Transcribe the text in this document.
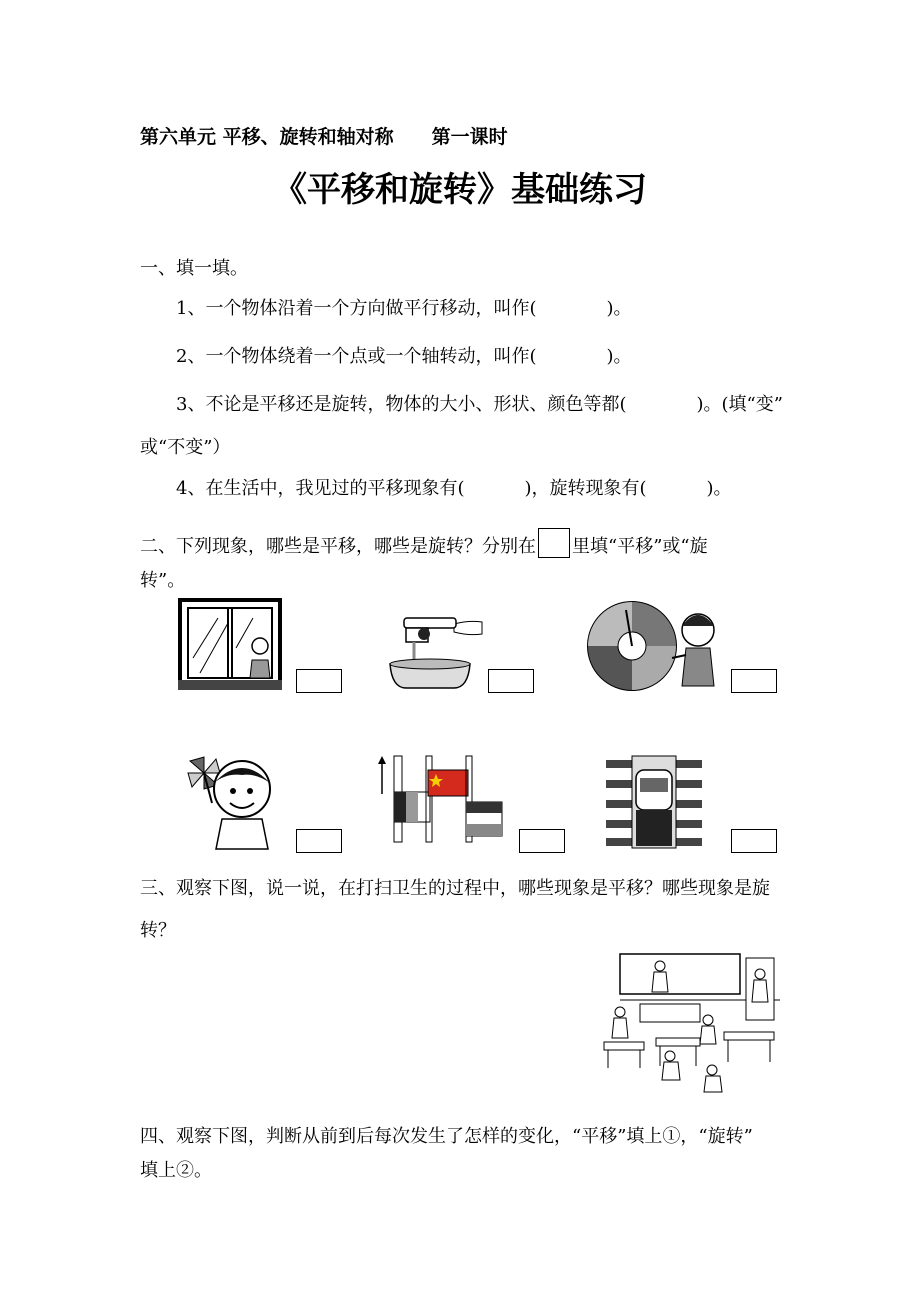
第六单元 平移、旋转和轴对称 第一课时
《平移和旋转》基础练习
一、填一填。
1、一个物体沿着一个方向做平行移动，叫作(	)。
2、一个物体绕着一个点或一个轴转动，叫作(	)。
3、不论是平移还是旋转，物体的大小、形状、颜色等都(	)。(填“变”
或“不变”）
4、在生活中，我见过的平移现象有(	)，旋转现象有(	)。
二、下列现象，哪些是平移，哪些是旋转？分别在 里填“平移”或“旋
转”。
三、观察下图，说一说，在打扫卫生的过程中，哪些现象是平移？哪些现象是旋
转？
四、观察下图，判断从前到后每次发生了怎样的变化，“平移”填上①，“旋转”
填上②。
